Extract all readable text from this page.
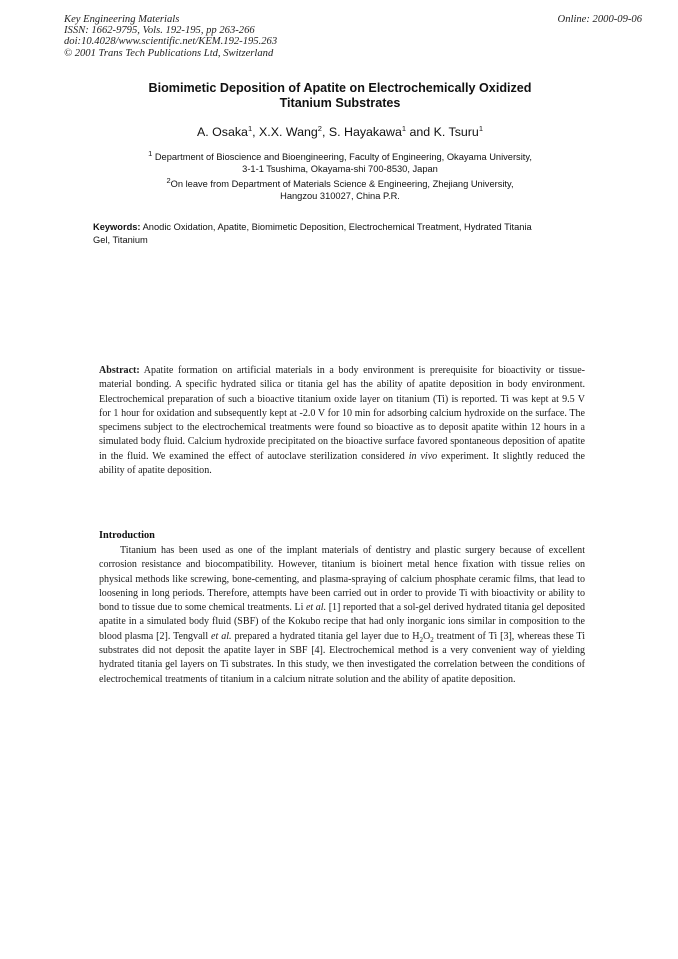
Key Engineering Materials
ISSN: 1662-9795, Vols. 192-195, pp 263-266
doi:10.4028/www.scientific.net/KEM.192-195.263
© 2001 Trans Tech Publications Ltd, Switzerland
Online: 2000-09-06
Biomimetic Deposition of Apatite on Electrochemically Oxidized
Titanium Substrates
A. Osaka$^1$, X.X. Wang$^2$, S. Hayakawa$^1$ and K. Tsuru$^1$
$^1$ Department of Bioscience and Bioengineering, Faculty of Engineering, Okayama University,
3-1-1 Tsushima, Okayama-shi 700-8530, Japan
$^2$On leave from Department of Materials Science & Engineering, Zhejiang University,
Hangzou 310027, China P.R.
Keywords: Anodic Oxidation, Apatite, Biomimetic Deposition, Electrochemical Treatment, Hydrated Titania Gel, Titanium
Abstract: Apatite formation on artificial materials in a body environment is prerequisite for bioactivity or tissue-material bonding. A specific hydrated silica or titania gel has the ability of apatite deposition in body environment. Electrochemical preparation of such a bioactive titanium oxide layer on titanium (Ti) is reported. Ti was kept at 9.5 V for 1 hour for oxidation and subsequently kept at -2.0 V for 10 min for adsorbing calcium hydroxide on the surface. The specimens subject to the electrochemical treatments were found so bioactive as to deposit apatite within 12 hours in a simulated body fluid. Calcium hydroxide precipitated on the bioactive surface favored spontaneous deposition of apatite in the fluid. We examined the effect of autoclave sterilization considered in vivo experiment. It slightly reduced the ability of apatite deposition.
Introduction

Titanium has been used as one of the implant materials of dentistry and plastic surgery because of excellent corrosion resistance and biocompatibility. However, titanium is bioinert metal hence fixation with tissue relies on physical methods like screwing, bone-cementing, and plasma-spraying of calcium phosphate ceramic films, that lead to loosening in long periods. Therefore, attempts have been carried out in order to provide Ti with bioactivity or ability to bond to tissue due to some chemical treatments. Li et al. [1] reported that a sol-gel derived hydrated titania gel deposited apatite in a simulated body fluid (SBF) of the Kokubo recipe that had only inorganic ions similar in composition to the blood plasma [2]. Tengvall et al. prepared a hydrated titania gel layer due to $H_2O_2$ treatment of Ti [3], whereas these Ti substrates did not deposit the apatite layer in SBF [4]. Electrochemical method is a very convenient way of yielding hydrated titania gel layers on Ti substrates. In this study, we then investigated the correlation between the conditions of electrochemical treatments of titanium in a calcium nitrate solution and the ability of apatite deposition.
